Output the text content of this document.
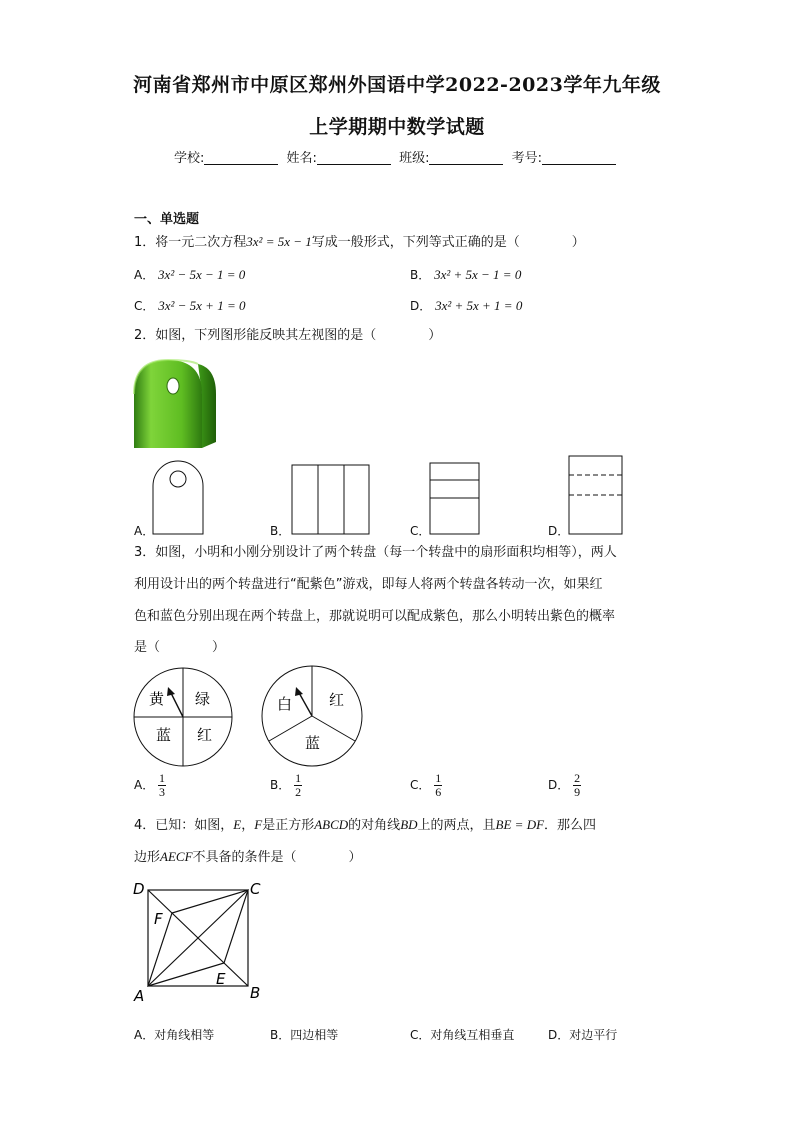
河南省郑州市中原区郑州外国语中学2022-2023学年九年级
上学期期中数学试题
学校:	姓名:	班级:	考号:
一、单选题
1．将一元二次方程3x² = 5x − 1写成一般形式，下列等式正确的是（　　　　）
A． 3x² − 5x − 1 = 0	B． 3x² + 5x − 1 = 0
C． 3x² − 5x + 1 = 0	D． 3x² + 5x + 1 = 0
2．如图，下列图形能反映其左视图的是（　　　　）
A．	B．	C．	D．
3．如图，小明和小刚分别设计了两个转盘（每一个转盘中的扇形面积均相等），两人
利用设计出的两个转盘进行“配紫色”游戏，即每人将两个转盘各转动一次，如果红
色和蓝色分别出现在两个转盘上，那就说明可以配成紫色，那么小明转出紫色的概率
是（　　　　）
黄 绿
蓝 红
白 红
蓝
A． $\frac{1}{3}$	B． $\frac{1}{2}$	C． $\frac{1}{6}$	D． $\frac{2}{9}$
4．已知：如图，E，F是正方形ABCD的对角线BD上的两点，且BE = DF．那么四
边形AECF不具备的条件是（　　　　）
D	C
A	B
F
E
A．对角线相等	B．四边相等	C．对角线互相垂直	D．对边平行
